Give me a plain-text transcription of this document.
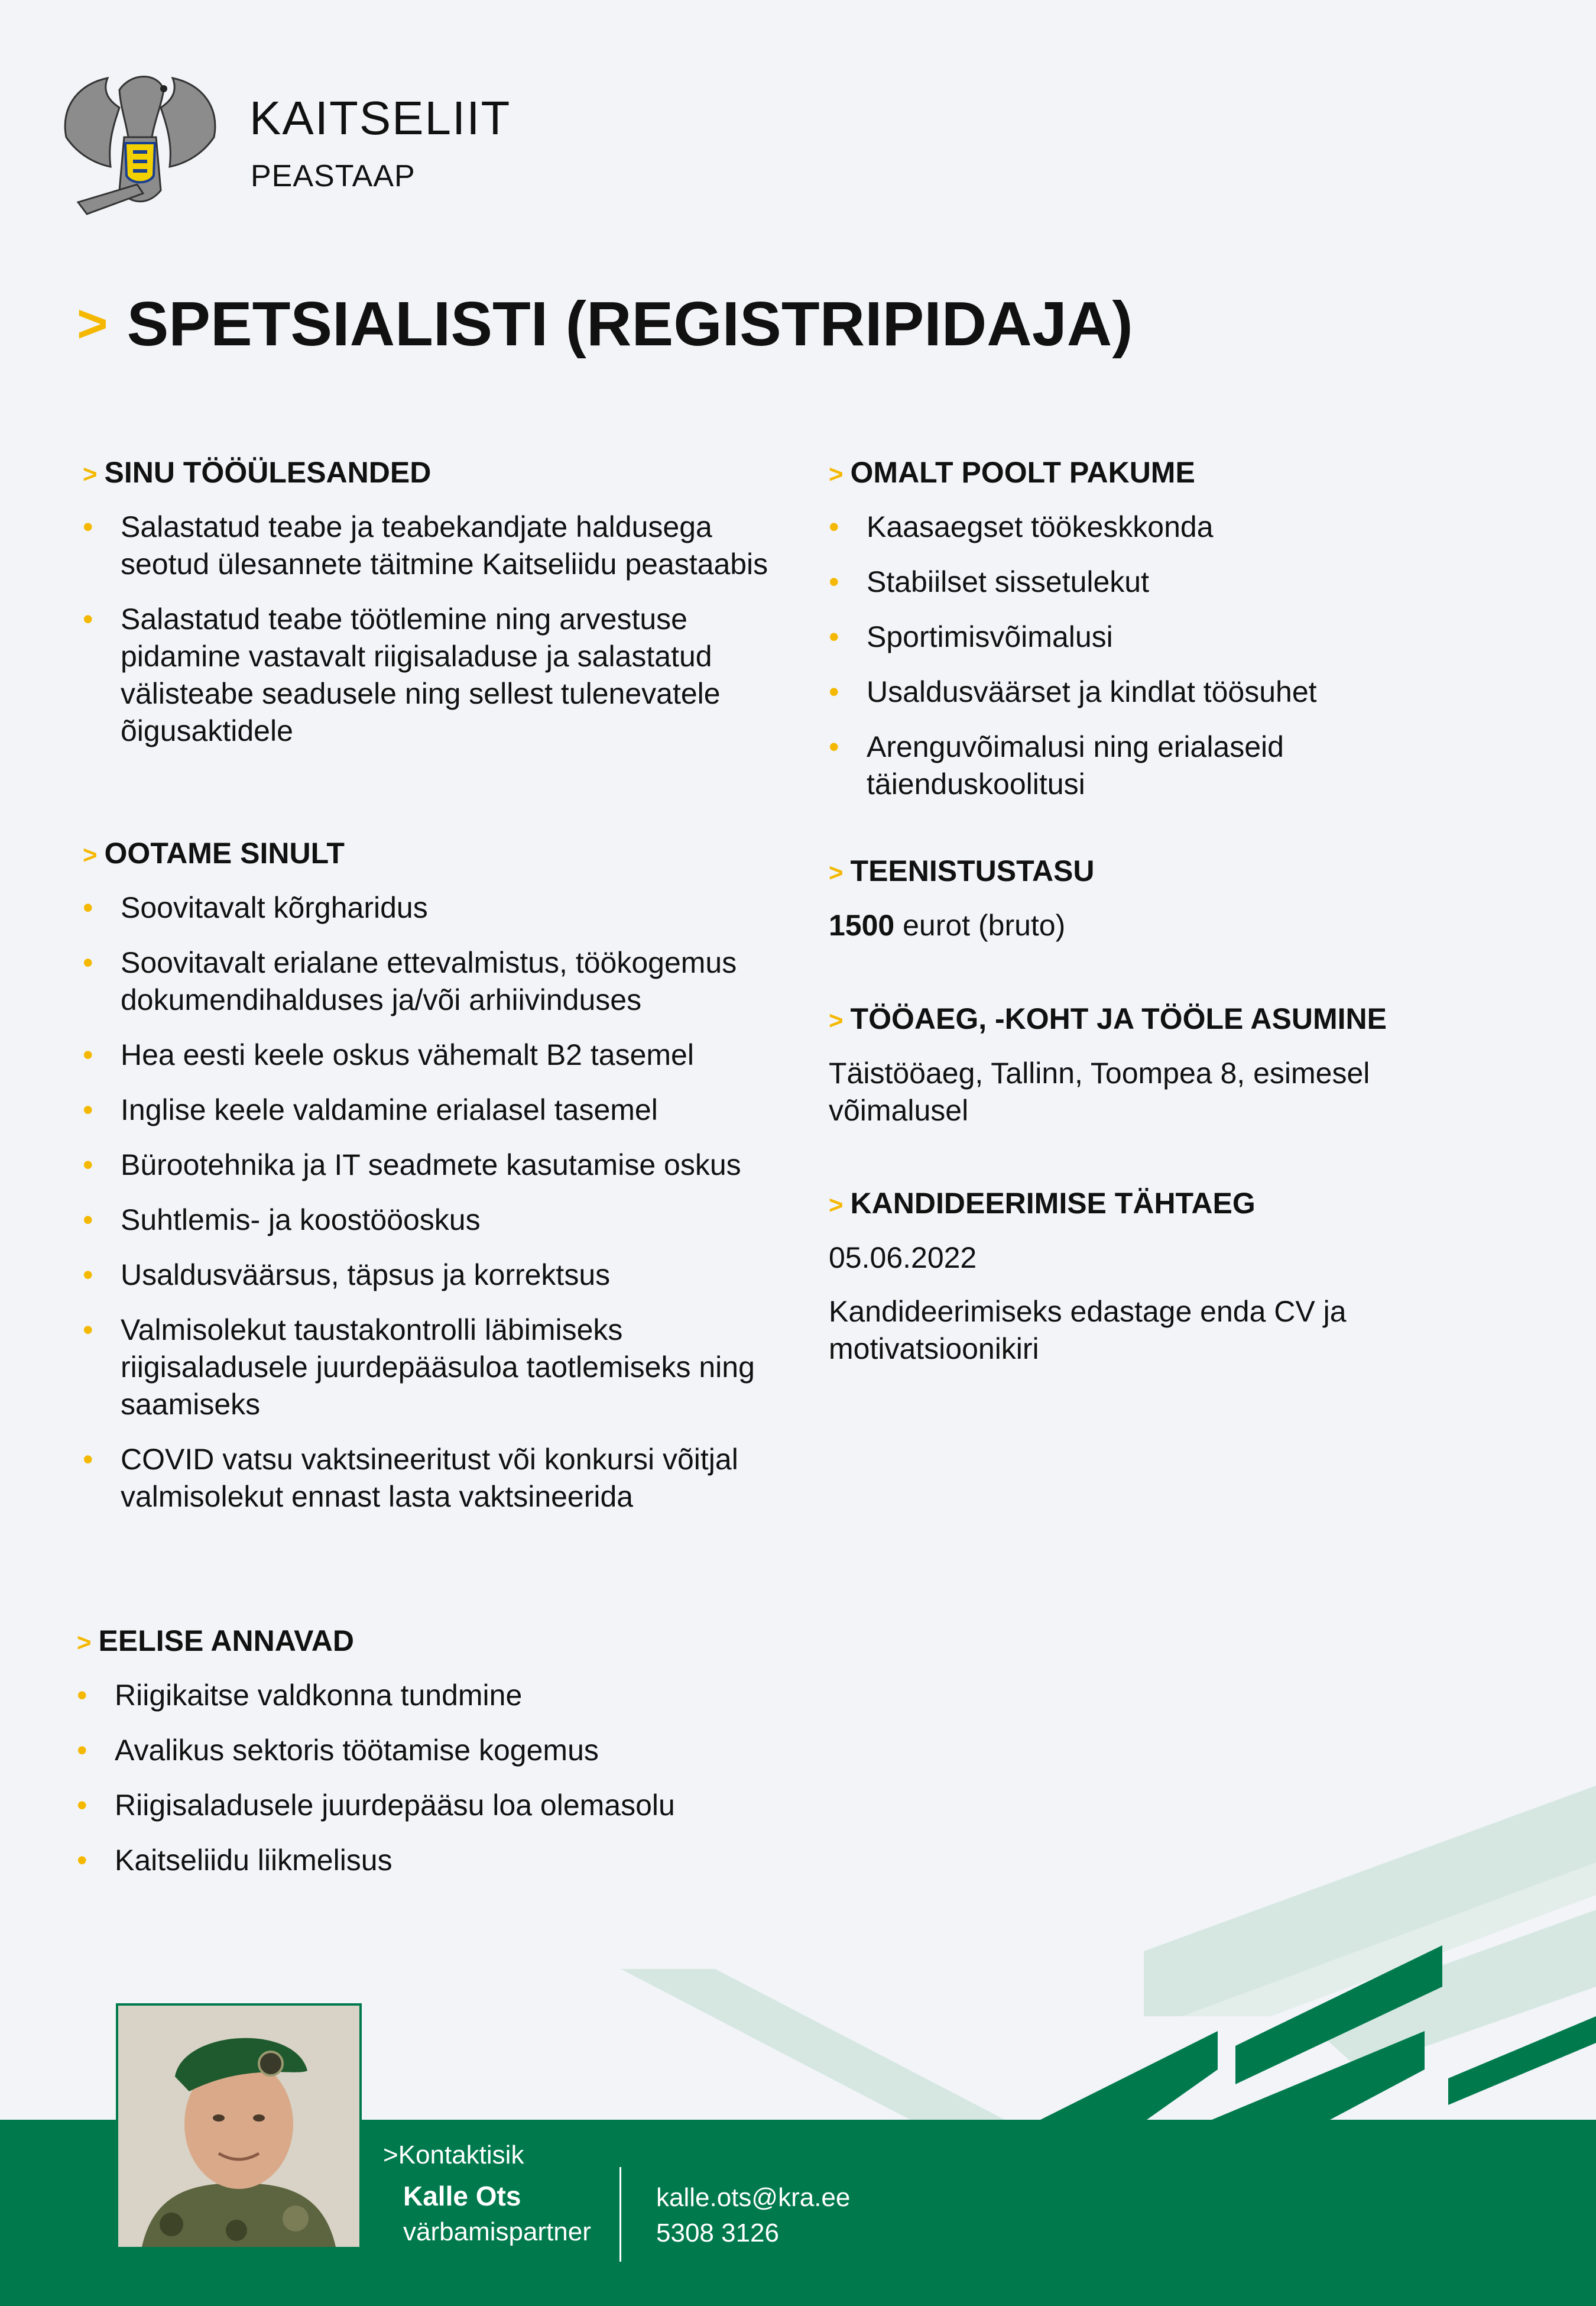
KAITSELIIT
PEASTAAP
> SPETSIALISTI (REGISTRIPIDAJA)
> SINU TÖÖÜLESANDED
• Salastatud teabe ja teabekandjate haldusega seotud ülesannete täitmine Kaitseliidu peastaabis
• Salastatud teabe töötlemine ning arvestuse pidamine vastavalt riigisaladuse ja salastatud välisteabe seadusele ning sellest tulenevatele õigusaktidele
> OOTAME SINULT
• Soovitavalt kõrgharidus
• Soovitavalt erialane ettevalmistus, töökogemus dokumendihalduses ja/või arhiivinduses
• Hea eesti keele oskus vähemalt B2 tasemel
• Inglise keele valdamine erialasel tasemel
• Bürootehnika ja IT seadmete kasutamise oskus
• Suhtlemis- ja koostööoskus
• Usaldusväärsus, täpsus ja korrektsus
• Valmisolekut taustakontrolli läbimiseks riigisaladusele juurdepääsuloa taotlemiseks ning saamiseks
• COVID vatsu vaktsineeritust või konkursi võitjal valmisolekut ennast lasta vaktsineerida
> EELISE ANNAVAD
• Riigikaitse valdkonna tundmine
• Avalikus sektoris töötamise kogemus
• Riigisaladusele juurdepääsu loa olemasolu
• Kaitseliidu liikmelisus
> OMALT POOLT PAKUME
• Kaasaegset töökeskkonda
• Stabiilset sissetulekut
• Sportimisvõimalusi
• Usaldusväärset ja kindlat töösuhet
• Arenguvõimalusi ning erialaseid täienduskoolitusi
> TEENISTUSTASU
1500 eurot (bruto)
> TÖÖAEG, -KOHT JA TÖÖLE ASUMINE
Täistööaeg, Tallinn, Toompea 8, esimesel võimalusel
> KANDIDEERIMISE TÄHTAEG
05.06.2022
Kandideerimiseks edastage enda CV ja motivatsioonikiri
>Kontaktisik
Kalle Ots
värbamispartner
kalle.ots@kra.ee
5308 3126
